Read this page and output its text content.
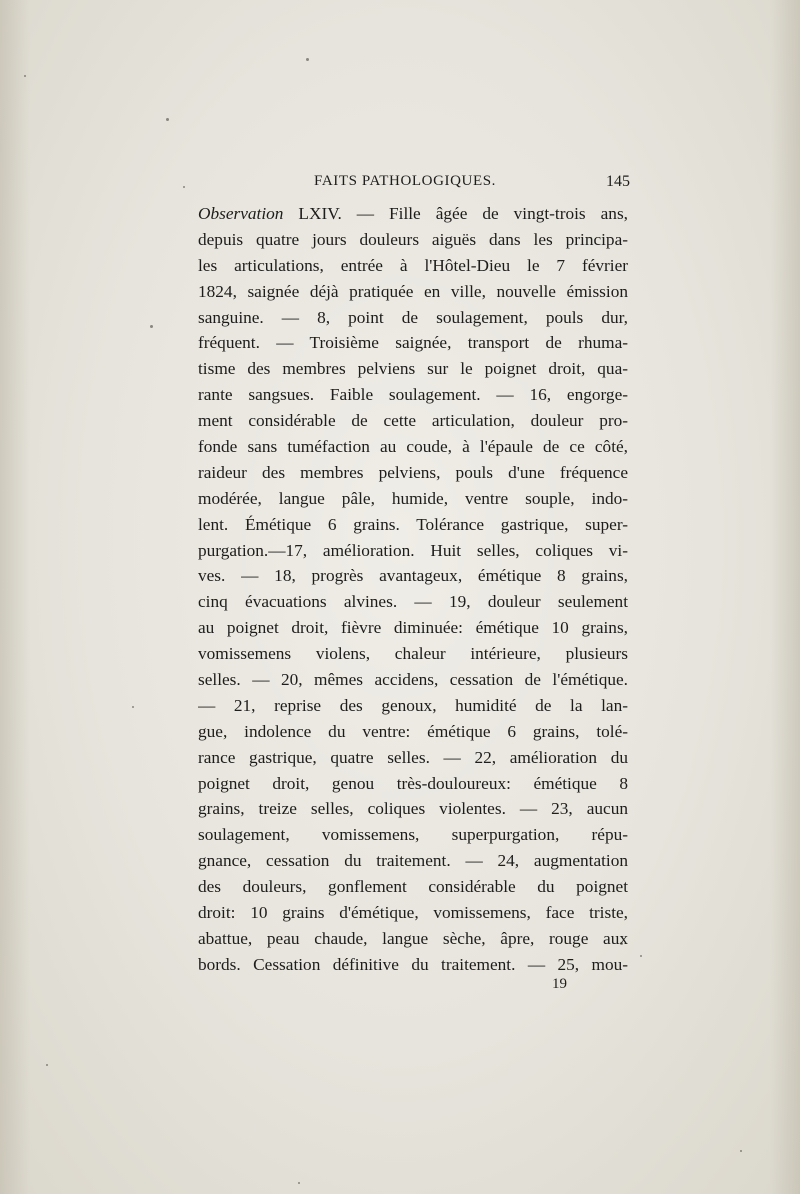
FAITS PATHOLOGIQUES.	145
Observation LXIV. — Fille âgée de vingt-trois ans,
depuis quatre jours douleurs aiguës dans les principa-
les articulations, entrée à l'Hôtel-Dieu le 7 février
1824, saignée déjà pratiquée en ville, nouvelle émission
sanguine. — 8, point de soulagement, pouls dur,
fréquent. — Troisième saignée, transport de rhuma-
tisme des membres pelviens sur le poignet droit, qua-
rante sangsues. Faible soulagement. — 16, engorge-
ment considérable de cette articulation, douleur pro-
fonde sans tuméfaction au coude, à l'épaule de ce côté,
raideur des membres pelviens, pouls d'une fréquence
modérée, langue pâle, humide, ventre souple, indo-
lent. Émétique 6 grains. Tolérance gastrique, super-
purgation.—17, amélioration. Huit selles, coliques vi-
ves. — 18, progrès avantageux, émétique 8 grains,
cinq évacuations alvines. — 19, douleur seulement
au poignet droit, fièvre diminuée: émétique 10 grains,
vomissemens violens, chaleur intérieure, plusieurs
selles. — 20, mêmes accidens, cessation de l'émétique.
— 21, reprise des genoux, humidité de la lan-
gue, indolence du ventre: émétique 6 grains, tolé-
rance gastrique, quatre selles. — 22, amélioration du
poignet droit, genou très-douloureux: émétique 8
grains, treize selles, coliques violentes. — 23, aucun
soulagement, vomissemens, superpurgation, répu-
gnance, cessation du traitement. — 24, augmentation
des douleurs, gonflement considérable du poignet
droit: 10 grains d'émétique, vomissemens, face triste,
abattue, peau chaude, langue sèche, âpre, rouge aux
bords. Cessation définitive du traitement. — 25, mou-
19
